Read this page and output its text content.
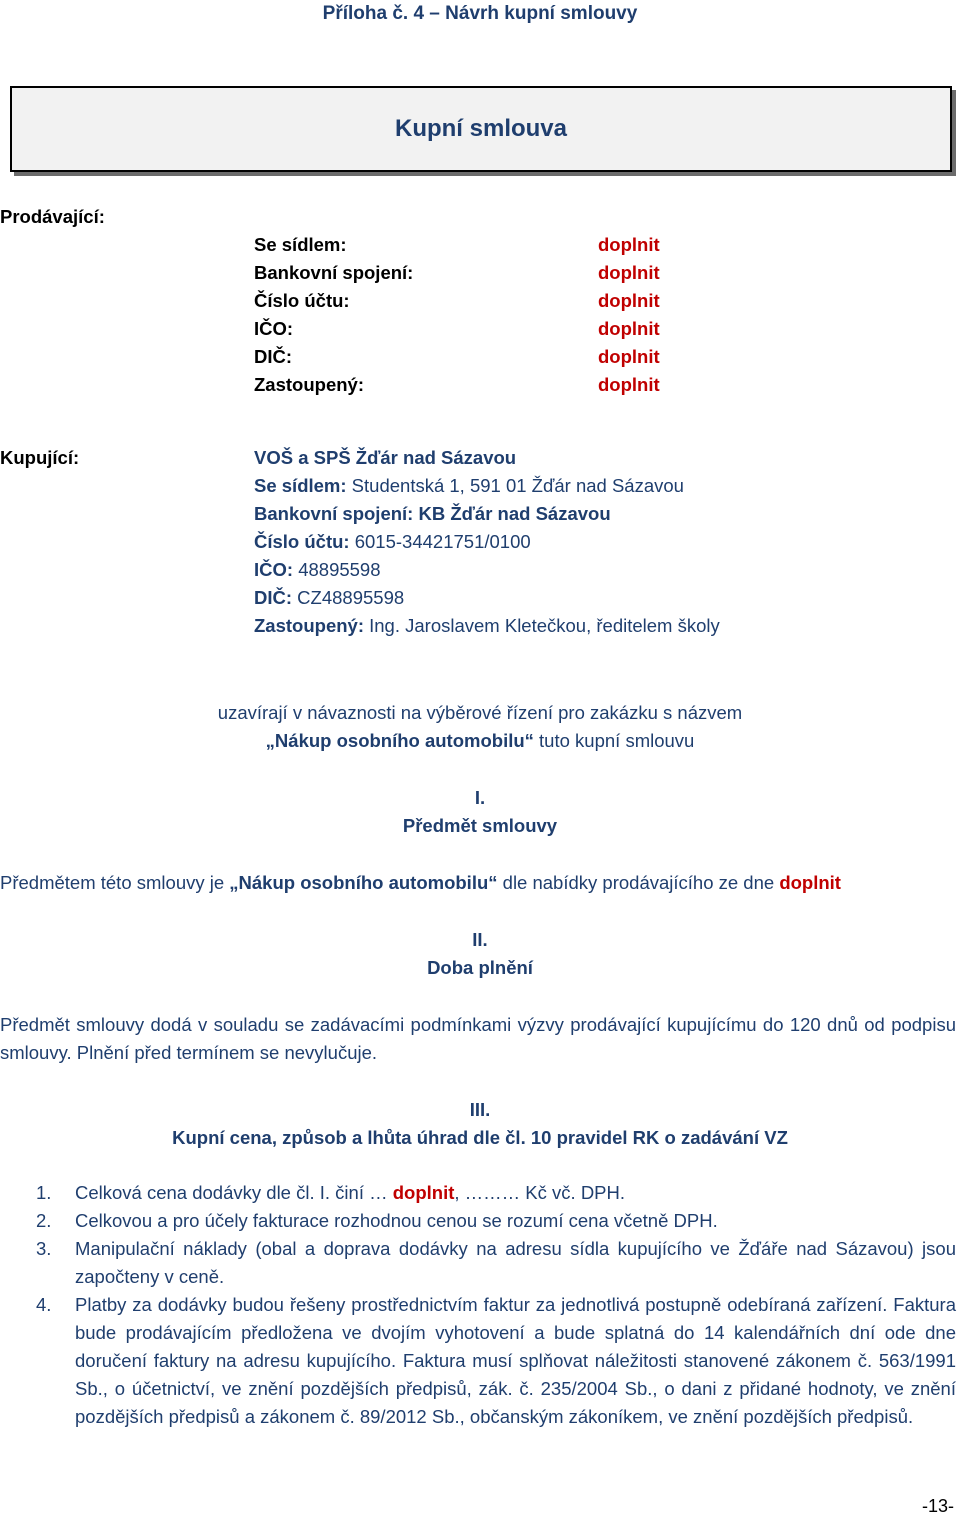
Příloha č. 4 – Návrh kupní smlouvy
Kupní smlouva
Prodávající:
Se sídlem:	doplnit
Bankovní spojení:	doplnit
Číslo účtu:	doplnit
IČO:	doplnit
DIČ:	doplnit
Zastoupený:	doplnit
Kupující:	VOŠ a SPŠ Žďár nad Sázavou
Se sídlem: Studentská 1, 591 01 Žďár nad Sázavou
Bankovní spojení: KB Žďár nad Sázavou
Číslo účtu: 6015-34421751/0100
IČO: 48895598
DIČ: CZ48895598
Zastoupený: Ing. Jaroslavem Kletečkou, ředitelem školy
uzavírají v návaznosti na výběrové řízení pro zakázku s názvem
„Nákup osobního automobilu“ tuto kupní smlouvu
I.
Předmět smlouvy
Předmětem této smlouvy je „Nákup osobního automobilu“ dle nabídky prodávajícího ze dne doplnit
II.
Doba plnění

Předmět smlouvy dodá v souladu se zadávacími podmínkami výzvy prodávající kupujícímu do 120 dnů od podpisu smlouvy. Plnění před termínem se nevylučuje.

III.
Kupní cena, způsob a lhůta úhrad dle čl. 10 pravidel RK o zadávání VZ
1. Celková cena dodávky dle čl. I. činí … doplnit, ……… Kč vč. DPH.
2. Celkovou a pro účely fakturace rozhodnou cenou se rozumí cena včetně DPH.
3. Manipulační náklady (obal a doprava dodávky na adresu sídla kupujícího ve Žďáře nad Sázavou) jsou započteny v ceně.
4. Platby za dodávky budou řešeny prostřednictvím faktur za jednotlivá postupně odebíraná zařízení. Faktura bude prodávajícím předložena ve dvojím vyhotovení a bude splatná do 14 kalendářních dní ode dne doručení faktury na adresu kupujícího. Faktura musí splňovat náležitosti stanovené zákonem č. 563/1991 Sb., o účetnictví, ve znění pozdějších předpisů, zák. č. 235/2004 Sb., o dani z přidané hodnoty, ve znění pozdějších předpisů a zákonem č. 89/2012 Sb., občanským zákoníkem, ve znění pozdějších předpisů.
-13-
